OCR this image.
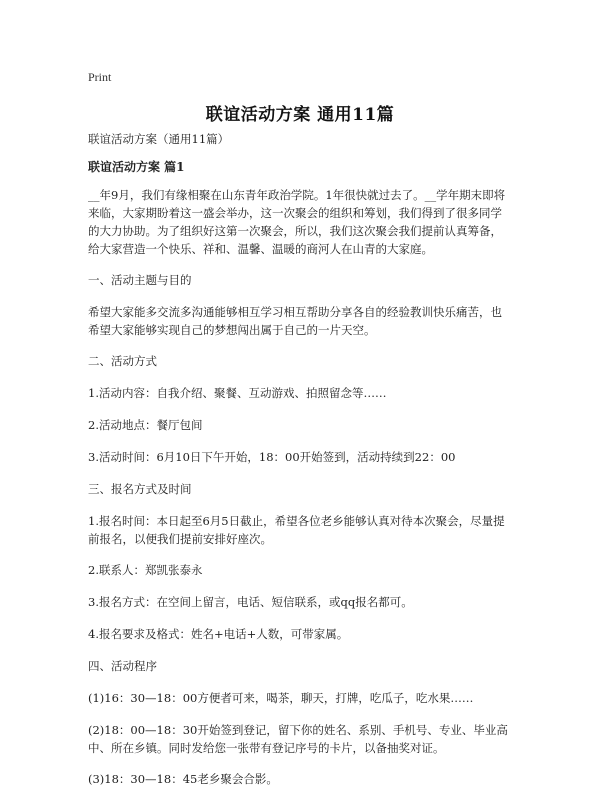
Print
联谊活动方案 通用11篇

联谊活动方案（通用11篇）

联谊活动方案 篇1

__年9月，我们有缘相聚在山东青年政治学院。1年很快就过去了。__学年期末即将
来临，大家期盼着这一盛会举办，这一次聚会的组织和筹划，我们得到了很多同学
的大力协助。为了组织好这第一次聚会，所以，我们这次聚会我们提前认真筹备，
给大家营造一个快乐、祥和、温馨、温暖的商河人在山青的大家庭。

一、活动主题与目的

希望大家能多交流多沟通能够相互学习相互帮助分享各自的经验教训快乐痛苦，也
希望大家能够实现自己的梦想闯出属于自己的一片天空。

二、活动方式

1.活动内容：自我介绍、聚餐、互动游戏、拍照留念等……

2.活动地点：餐厅包间

3.活动时间：6月10日下午开始，18：00开始签到，活动持续到22：00

三、报名方式及时间

1.报名时间：本日起至6月5日截止，希望各位老乡能够认真对待本次聚会，尽量提
前报名，以便我们提前安排好座次。

2.联系人：郑凯张泰永

3.报名方式：在空间上留言，电话、短信联系，或qq报名都可。

4.报名要求及格式：姓名+电话+人数，可带家属。

四、活动程序

(1)16：30—18：00方便者可来，喝茶，聊天，打牌，吃瓜子，吃水果……

(2)18：00—18：30开始签到登记，留下你的姓名、系别、手机号、专业、毕业高
中、所在乡镇。同时发给您一张带有登记序号的卡片，以备抽奖对证。

(3)18：30—18：45老乡聚会合影。
